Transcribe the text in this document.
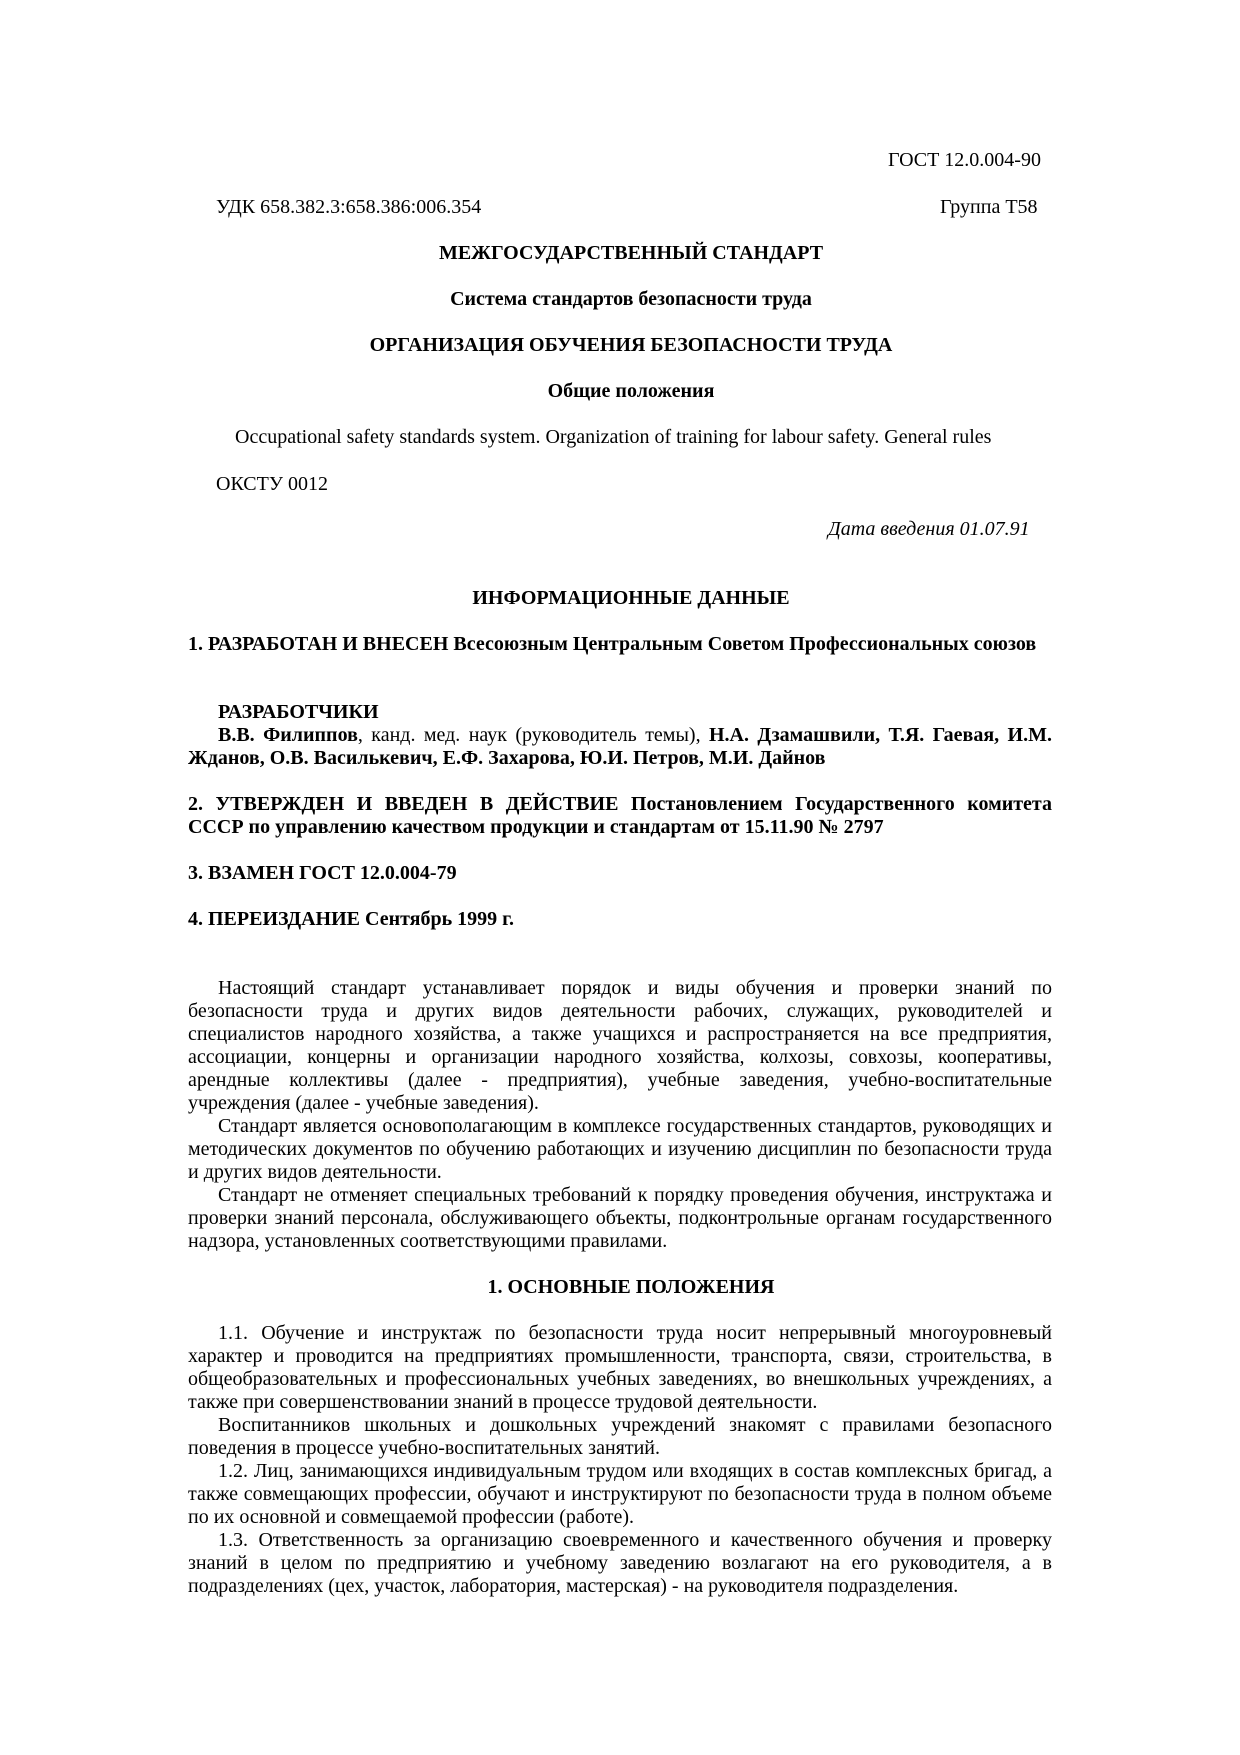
ГОСТ 12.0.004-90
УДК 658.382.3:658.386:006.354	Группа Т58
МЕЖГОСУДАРСТВЕННЫЙ СТАНДАРТ
Система стандартов безопасности труда
ОРГАНИЗАЦИЯ ОБУЧЕНИЯ БЕЗОПАСНОСТИ ТРУДА
Общие положения
Occupational safety standards system. Organization of training for labour safety. General rules
ОКСТУ 0012
Дата введения 01.07.91
ИНФОРМАЦИОННЫЕ ДАННЫЕ

1. РАЗРАБОТАН И ВНЕСЕН Всесоюзным Центральным Советом Профессиональных союзов

РАЗРАБОТЧИКИ

В.В. Филиппов, канд. мед. наук (руководитель темы), Н.А. Дзамашвили, Т.Я. Гаевая, И.М. Жданов, О.В. Василькевич, Е.Ф. Захарова, Ю.И. Петров, М.И. Дайнов

2. УТВЕРЖДЕН И ВВЕДЕН В ДЕЙСТВИЕ Постановлением Государственного комитета СССР по управлению качеством продукции и стандартам от 15.11.90 № 2797

3. ВЗАМЕН ГОСТ 12.0.004-79
4. ПЕРЕИЗДАНИЕ Сентябрь 1999 г.

Настоящий стандарт устанавливает порядок и виды обучения и проверки знаний по безопасности труда и других видов деятельности рабочих, служащих, руководителей и специалистов народного хозяйства, а также учащихся и распространяется на все предприятия, ассоциации, концерны и организации народного хозяйства, колхозы, совхозы, кооперативы, арендные коллективы (далее - предприятия), учебные заведения, учебно-воспитательные учреждения (далее - учебные заведения).

Стандарт является основополагающим в комплексе государственных стандартов, руководящих и методических документов по обучению работающих и изучению дисциплин по безопасности труда и других видов деятельности.

Стандарт не отменяет специальных требований к порядку проведения обучения, инструктажа и проверки знаний персонала, обслуживающего объекты, подконтрольные органам государственного надзора, установленных соответствующими правилами.

1. ОСНОВНЫЕ ПОЛОЖЕНИЯ

1.1. Обучение и инструктаж по безопасности труда носит непрерывный многоуровневый характер и проводится на предприятиях промышленности, транспорта, связи, строительства, в общеобразовательных и профессиональных учебных заведениях, во внешкольных учреждениях, а также при совершенствовании знаний в процессе трудовой деятельности.

Воспитанников школьных и дошкольных учреждений знакомят с правилами безопасного поведения в процессе учебно-воспитательных занятий.

1.2. Лиц, занимающихся индивидуальным трудом или входящих в состав комплексных бригад, а также совмещающих профессии, обучают и инструктируют по безопасности труда в полном объеме по их основной и совмещаемой профессии (работе).

1.3. Ответственность за организацию своевременного и качественного обучения и проверку знаний в целом по предприятию и учебному заведению возлагают на его руководителя, а в подразделениях (цех, участок, лаборатория, мастерская) - на руководителя подразделения.
